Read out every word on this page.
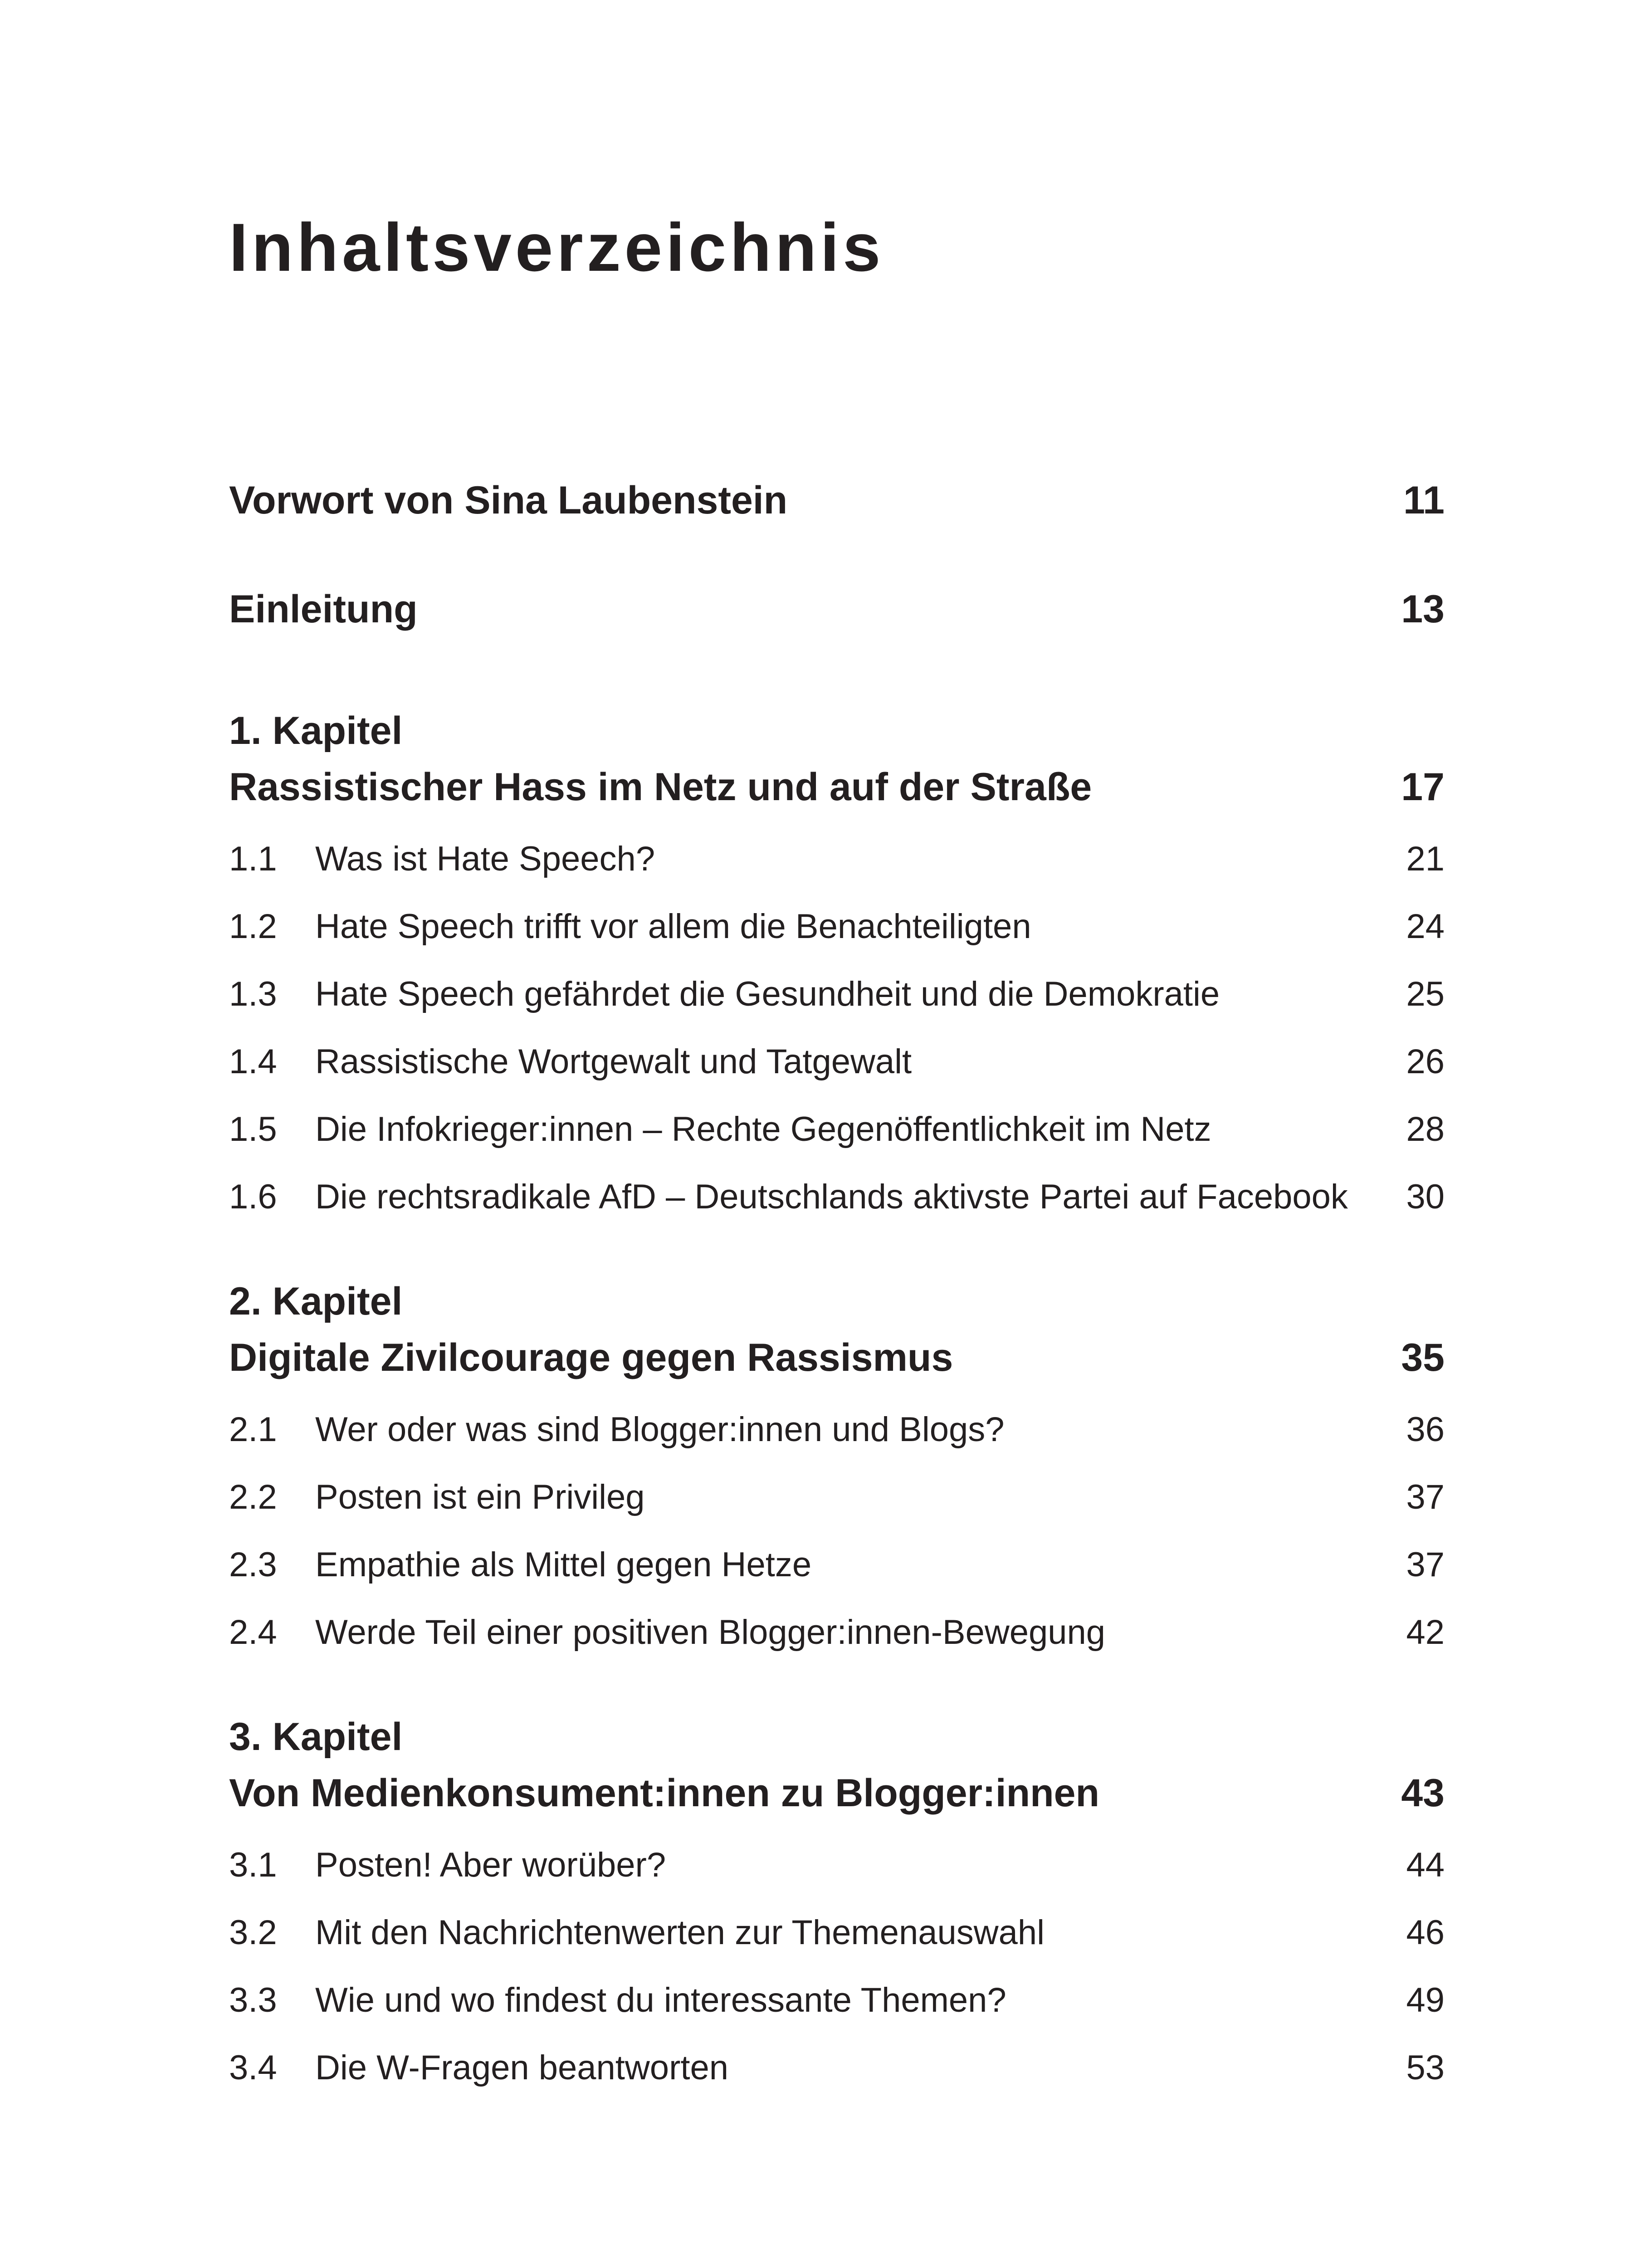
Inhaltsverzeichnis
Vorwort von Sina Laubenstein	11
Einleitung	13
1. Kapitel
Rassistischer Hass im Netz und auf der Straße	17
1.1	Was ist Hate Speech?	21
1.2	Hate Speech trifft vor allem die Benachteiligten	24
1.3	Hate Speech gefährdet die Gesundheit und die Demokratie	25
1.4	Rassistische Wortgewalt und Tatgewalt	26
1.5	Die Infokrieger:innen – Rechte Gegenöffentlichkeit im Netz	28
1.6	Die rechtsradikale AfD – Deutschlands aktivste Partei auf Facebook	30
2. Kapitel
Digitale Zivilcourage gegen Rassismus	35
2.1	Wer oder was sind Blogger:innen und Blogs?	36
2.2	Posten ist ein Privileg	37
2.3	Empathie als Mittel gegen Hetze	37
2.4	Werde Teil einer positiven Blogger:innen-Bewegung	42
3. Kapitel
Von Medienkonsument:innen zu Blogger:innen	43
3.1	Posten! Aber worüber?	44
3.2	Mit den Nachrichtenwerten zur Themenauswahl	46
3.3	Wie und wo findest du interessante Themen?	49
3.4	Die W-Fragen beantworten	53
